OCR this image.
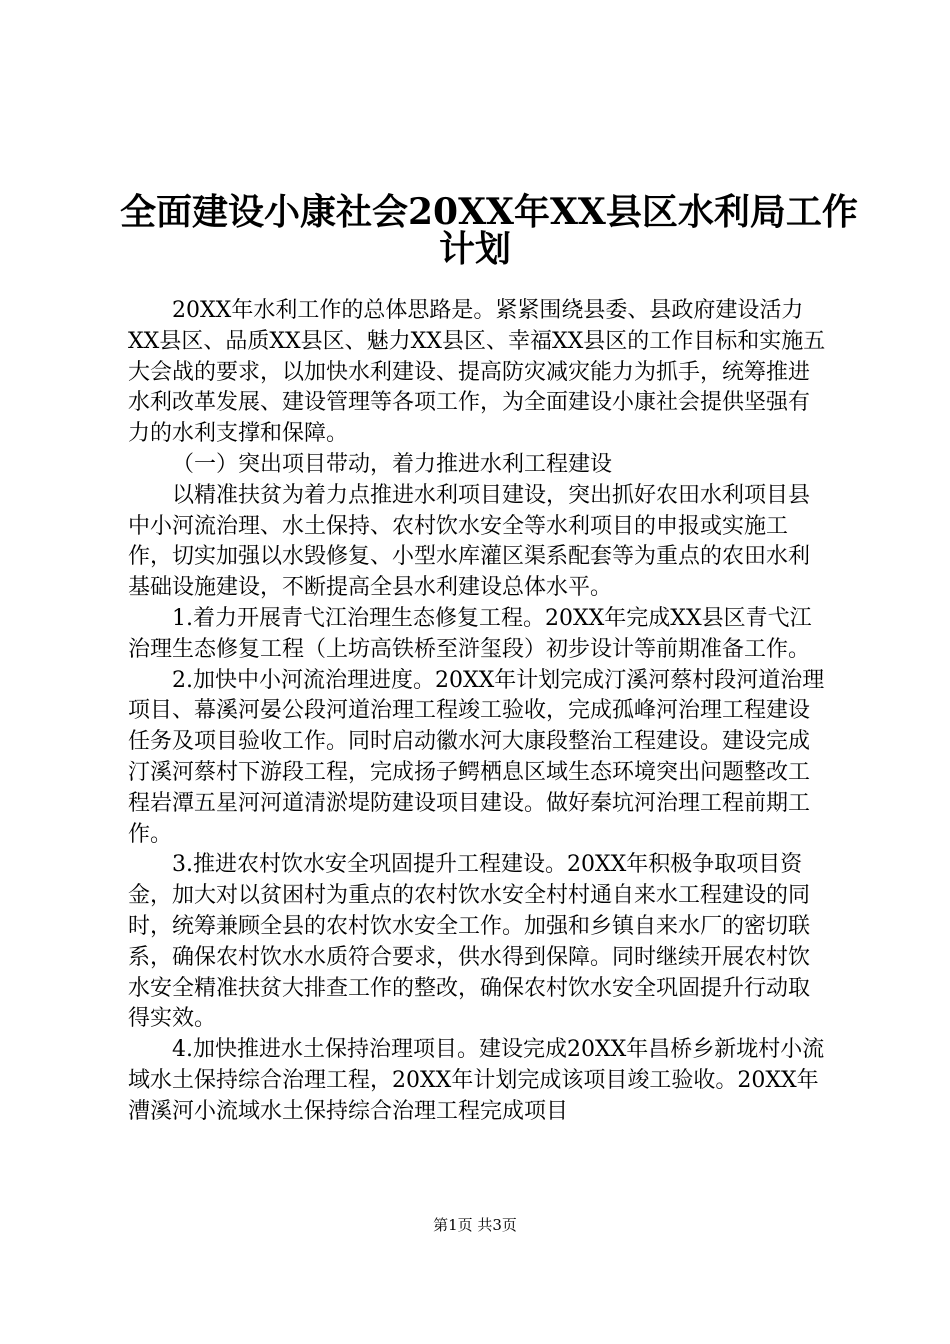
全面建设小康社会20XX年XX县区水利局工作
计划

20XX年水利工作的总体思路是。紧紧围绕县委、县政府建设活力XX县区、品质XX县区、魅力XX县区、幸福XX县区的工作目标和实施五大会战的要求，以加快水利建设、提高防灾减灾能力为抓手，统筹推进水利改革发展、建设管理等各项工作，为全面建设小康社会提供坚强有力的水利支撑和保障。

（一）突出项目带动，着力推进水利工程建设

以精准扶贫为着力点推进水利项目建设，突出抓好农田水利项目县中小河流治理、水土保持、农村饮水安全等水利项目的申报或实施工作，切实加强以水毁修复、小型水库灌区渠系配套等为重点的农田水利基础设施建设，不断提高全县水利建设总体水平。

1.着力开展青弋江治理生态修复工程。20XX年完成XX县区青弋江治理生态修复工程（上坊高铁桥至浒玺段）初步设计等前期准备工作。

2.加快中小河流治理进度。20XX年计划完成汀溪河蔡村段河道治理项目、幕溪河晏公段河道治理工程竣工验收，完成孤峰河治理工程建设任务及项目验收工作。同时启动徽水河大康段整治工程建设。建设完成汀溪河蔡村下游段工程，完成扬子鳄栖息区域生态环境突出问题整改工程岩潭五星河河道清淤堤防建设项目建设。做好秦坑河治理工程前期工作。

3.推进农村饮水安全巩固提升工程建设。20XX年积极争取项目资金，加大对以贫困村为重点的农村饮水安全村村通自来水工程建设的同时，统筹兼顾全县的农村饮水安全工作。加强和乡镇自来水厂的密切联系，确保农村饮水水质符合要求，供水得到保障。同时继续开展农村饮水安全精准扶贫大排查工作的整改，确保农村饮水安全巩固提升行动取得实效。

4.加快推进水土保持治理项目。建设完成20XX年昌桥乡新垅村小流域水土保持综合治理工程，20XX年计划完成该项目竣工验收。20XX年漕溪河小流域水土保持综合治理工程完成项目

第1页 共3页
